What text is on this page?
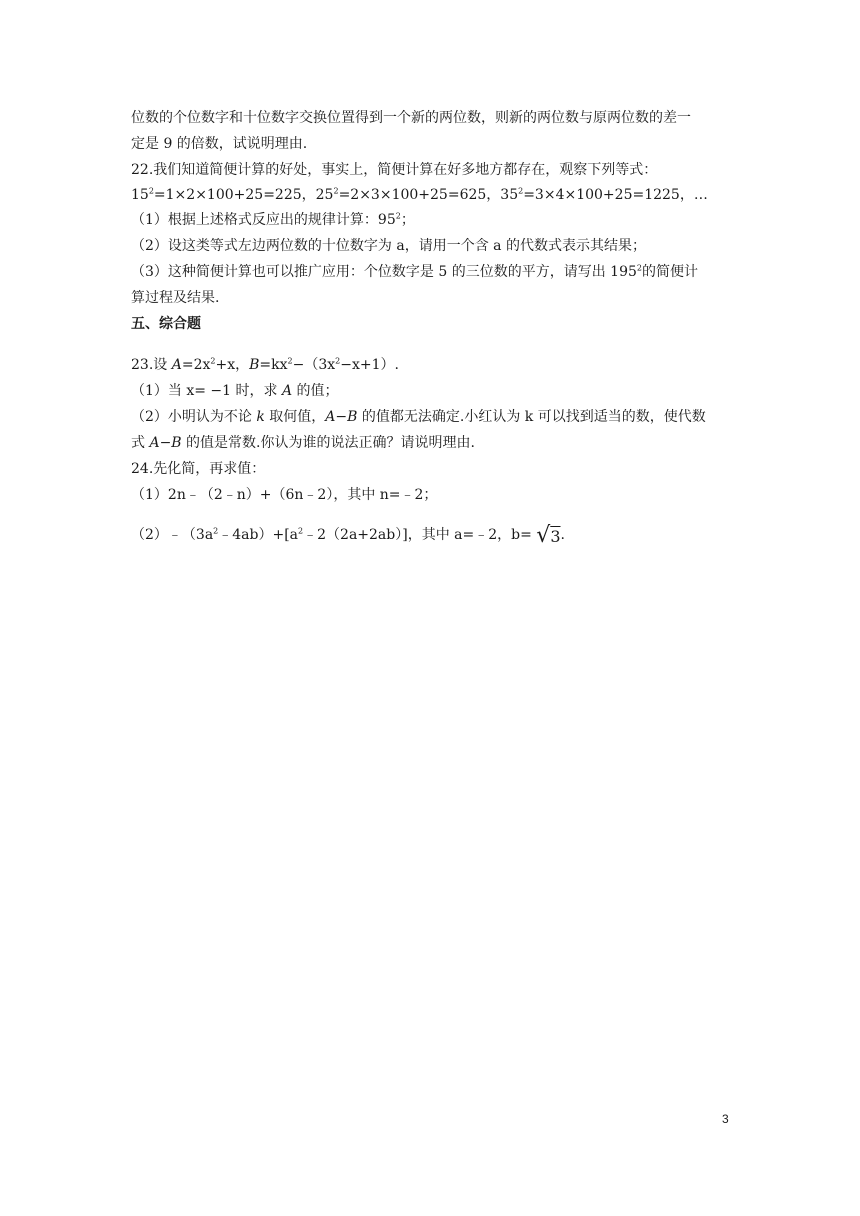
位数的个位数字和十位数字交换位置得到一个新的两位数，则新的两位数与原两位数的差一
定是 9 的倍数，试说明理由.
22.我们知道简便计算的好处，事实上，简便计算在好多地方都存在，观察下列等式：
$15^2=1\times 2\times 100+25=225$，$25^2=2\times 3\times 100+25=625$，$35^2=3\times 4\times 100+25=1225$，…
（1）根据上述格式反应出的规律计算：$95^2$；
（2）设这类等式左边两位数的十位数字为 a，请用一个含 a 的代数式表示其结果；
（3）这种简便计算也可以推广应用：个位数字是 5 的三位数的平方，请写出 $195^2$的简便计
算过程及结果.
五、综合题
23.设 $A=2x^2+x$，$B=kx^2-(3x^2-x+1)$.
（1）当 x= −1 时，求 A 的值；
（2）小明认为不论 k 取何值，A−B 的值都无法确定.小红认为 k 可以找到适当的数，使代数
式 A−B 的值是常数.你认为谁的说法正确？请说明理由.
24.先化简，再求值：
（1）2n﹣（2﹣n）+（6n﹣2），其中 n=﹣2；
$(2)﹣(3a^2﹣4ab)+[a^2﹣2(2a+2ab)]$，其中 a=﹣2，b= √3.
3
